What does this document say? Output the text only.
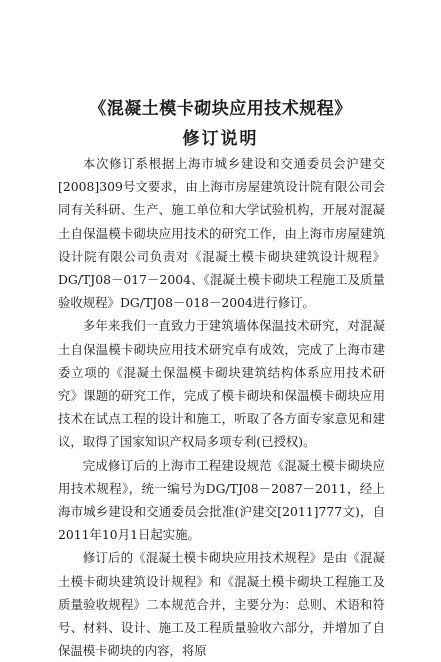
《混凝土模卡砌块应用技术规程》
修订说明

本次修订系根据上海市城乡建设和交通委员会沪建交[2008]309号文要求，由上海市房屋建筑设计院有限公司会同有关科研、生产、施工单位和大学试验机构，开展对混凝土自保温模卡砌块应用技术的研究工作，由上海市房屋建筑设计院有限公司负责对《混凝土模卡砌块建筑设计规程》DG/TJ08－017－2004、《混凝土模卡砌块工程施工及质量验收规程》DG/TJ08－018－2004进行修订。

多年来我们一直致力于建筑墙体保温技术研究，对混凝土自保温模卡砌块应用技术研究卓有成效，完成了上海市建委立项的《混凝土保温模卡砌块建筑结构体系应用技术研究》课题的研究工作，完成了模卡砌块和保温模卡砌块应用技术在试点工程的设计和施工，听取了各方面专家意见和建议，取得了国家知识产权局多项专利(已授权)。

完成修订后的上海市工程建设规范《混凝土模卡砌块应用技术规程》，统一编号为DG/TJ08－2087－2011，经上海市城乡建设和交通委员会批准(沪建交[2011]777文)，自2011年10月1日起实施。

修订后的《混凝土模卡砌块应用技术规程》是由《混凝土模卡砌块建筑设计规程》和《混凝土模卡砌块工程施工及质量验收规程》二本规范合并，主要分为：总则、术语和符号、材料、设计、施工及工程质量验收六部分，并增加了自保温模卡砌块的内容，将原
